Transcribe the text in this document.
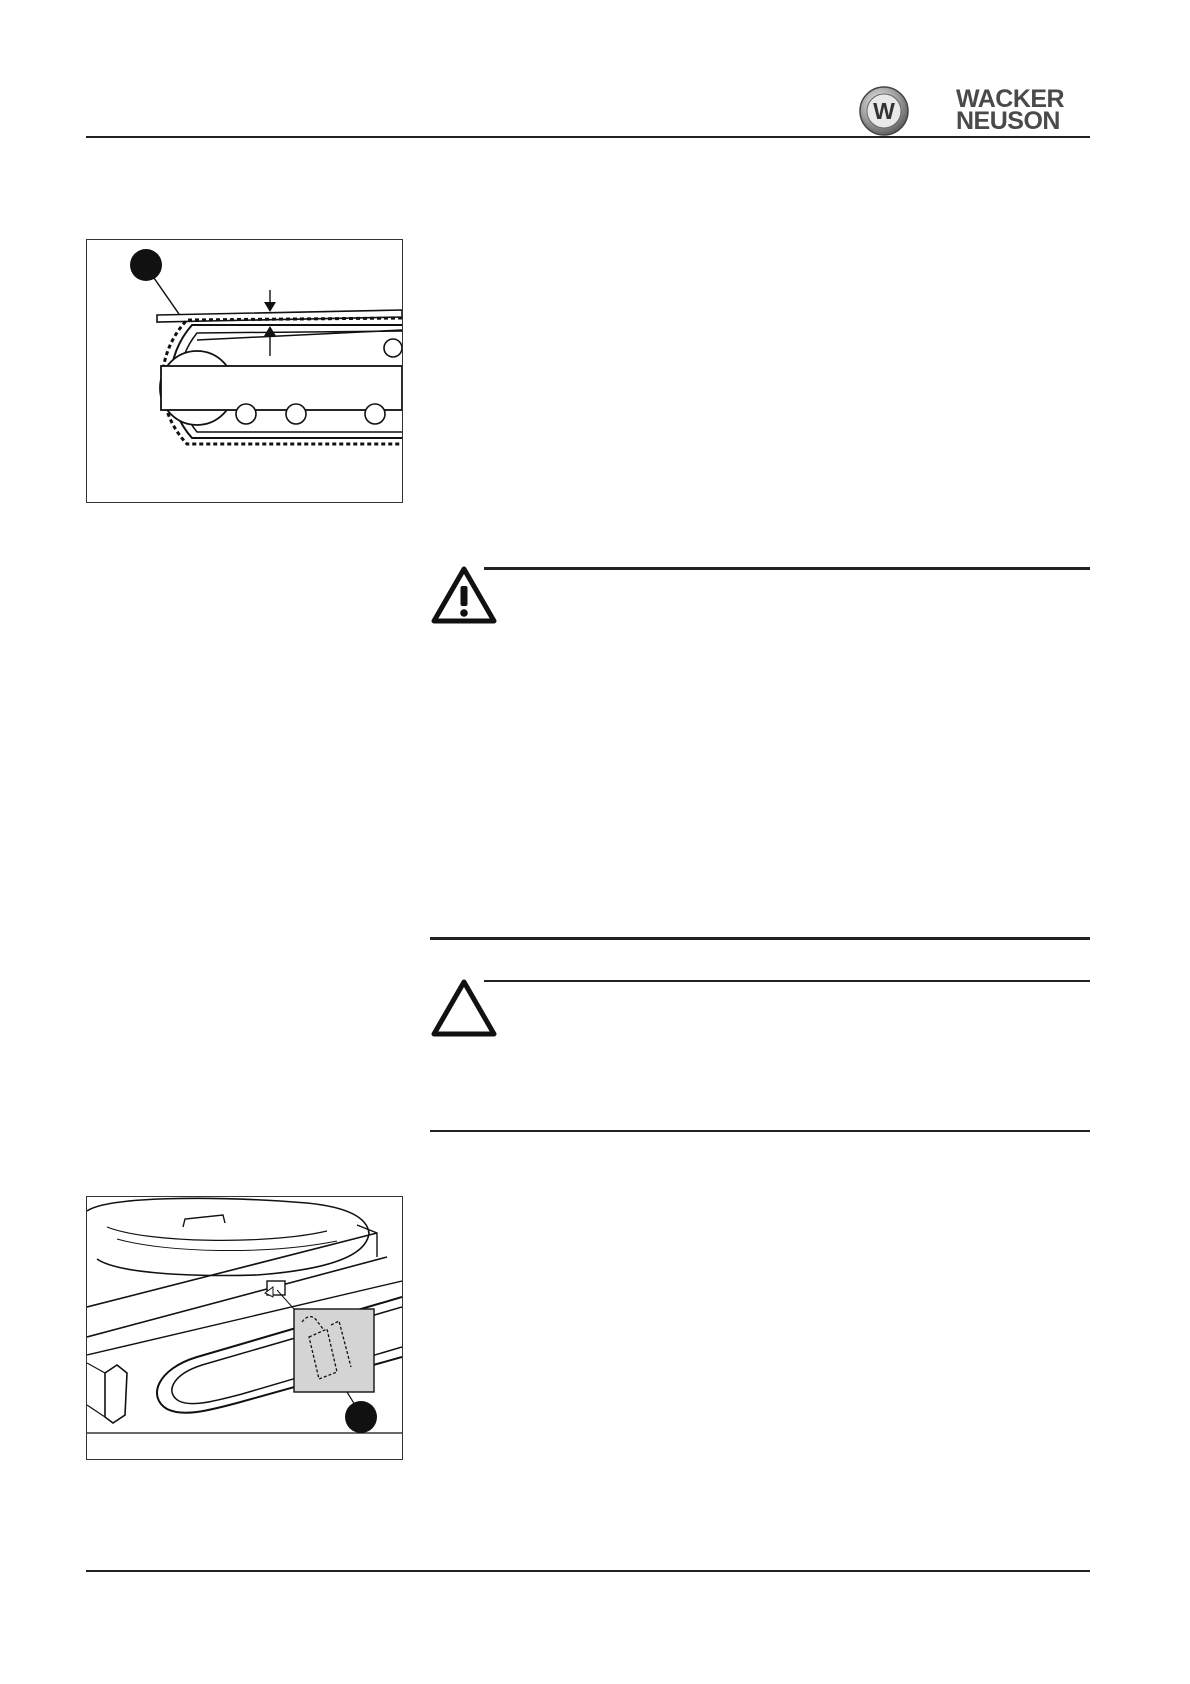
W WACKER
NEUSON
